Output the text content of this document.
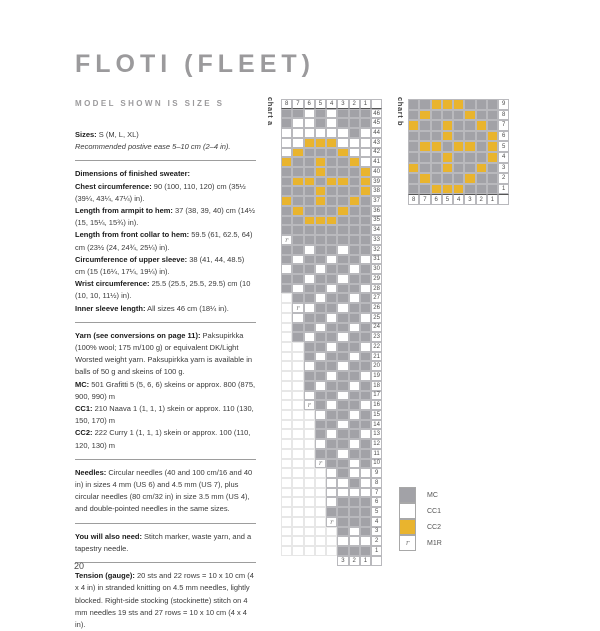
FLOTI (FLEET)
MODEL SHOWN IS SIZE S

Sizes: S (M, L, XL)

Recommended postive ease 5–10 cm (2–4 in).

Dimensions of finished sweater:

Chest circumference: 90 (100, 110, 120) cm (35½ (39¼, 43¼, 47¼) in).

Length from armpit to hem: 37 (38, 39, 40) cm (14½ (15, 15¼, 15¾) in).

Length from front collar to hem: 59.5 (61, 62.5, 64) cm (23½ (24, 24¾, 25¼) in).

Circumference of upper sleeve: 38 (41, 44, 48.5) cm (15 (16¼, 17¼, 19¼) in).

Wrist circumference: 25.5 (25.5, 25.5, 29.5) cm (10 (10, 10, 11½) in).

Inner sleeve length: All sizes 46 cm (18¼ in).

Yarn (see conversions on page 11): Paksupirkka (100% wool; 175 m/100 g) or equivalent DK/Light Worsted weight yarn. Paksupirkka yarn is available in balls of 50 g and skeins of 100 g.

MC: 501 Grafitti 5 (5, 6, 6) skeins or approx. 800 (875, 900, 990) m

CC1: 210 Naava 1 (1, 1, 1) skein or approx. 110 (130, 150, 170) m

CC2: 222 Curry 1 (1, 1, 1) skein or approx. 100 (110, 120, 130) m

Needles: Circular needles (40 and 100 cm/16 and 40 in) in sizes 4 mm (US 6) and 4.5 mm (US 7), plus circular needles (80 cm/32 in) in size 3.5 mm (US 4), and double-pointed needles in the same sizes.

You will also need: Stitch marker, waste yarn, and a tapestry needle.

Tension (gauge): 20 sts and 22 rows = 10 x 10 cm (4 x 4 in) in stranded knitting on 4.5 mm needles, lightly blocked. Right-side stocking (stockinette) stitch on 4 mm needles 19 sts and 27 rows = 10 x 10 cm (4 x 4 in).

chart a	8	7	6	5	4	3	2	1
46
45
44
43
42
41
40
39
38
37
36
35
34
r	33
32
31
30
29
28
27
r	26
25
24
23
22
21
20
19
18
17
r	16
15
14
13
12
11
r	10
9
8
7
6
5
r	4
3
2
1
3	2	1
chart b	9
8
7
6
5
4
3
2
1
8	7	6	5	4	3	2	1
MC
CC1
CC2
r	M1R
20
